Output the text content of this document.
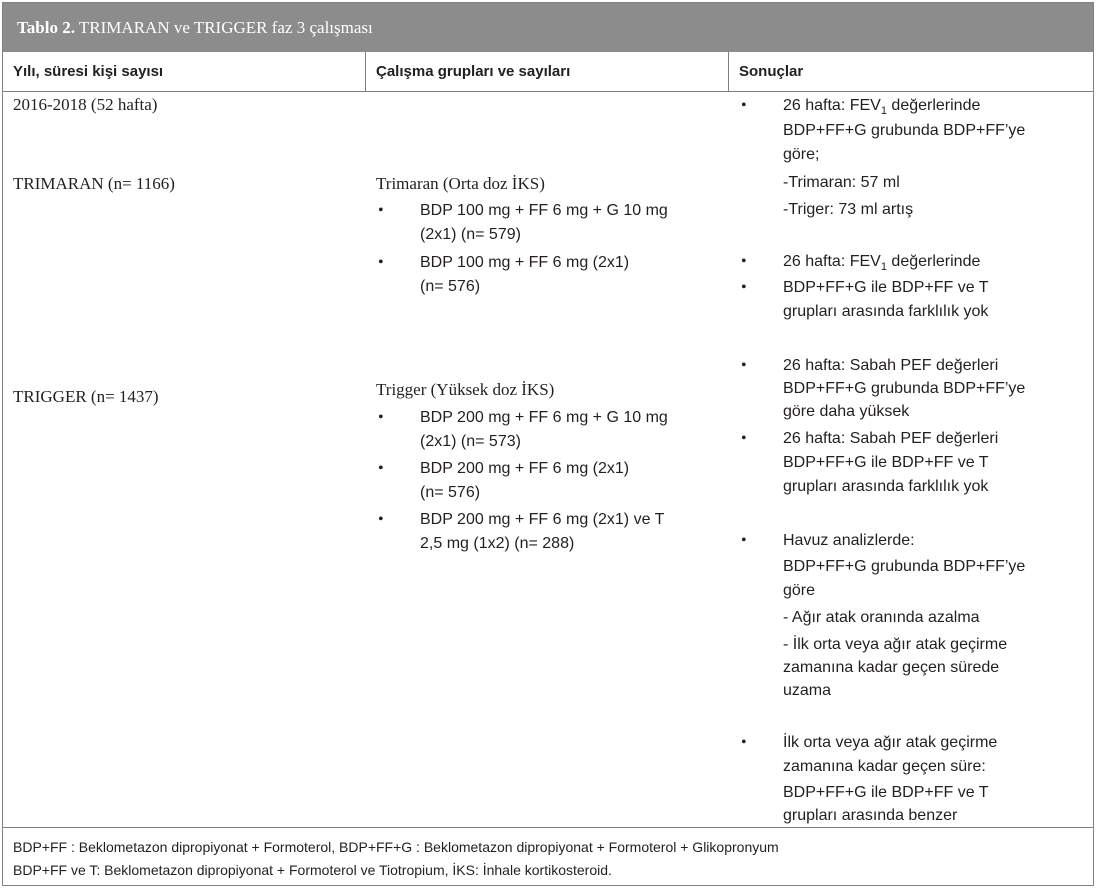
Tablo 2. TRIMARAN ve TRIGGER faz 3 çalışması
Yılı, süresi kişi sayısı	Çalışma grupları ve sayıları	Sonuçlar
2016-2018 (52 hafta)
TRIMARAN (n= 1166)
TRIGGER (n= 1437)
Trimaran (Orta doz İKS)
• BDP 100 mg + FF 6 mg + G 10 mg
(2x1) (n= 579)
• BDP 100 mg + FF 6 mg (2x1)
(n= 576)
Trigger (Yüksek doz İKS)
• BDP 200 mg + FF 6 mg + G 10 mg
(2x1) (n= 573)
• BDP 200 mg + FF 6 mg (2x1)
(n= 576)
• BDP 200 mg + FF 6 mg (2x1) ve T
2,5 mg (1x2) (n= 288)
• 26 hafta: $FEV_1$ değerlerinde
BDP+FF+G grubunda BDP+FF’ye
göre;
-Trimaran: 57 ml
-Triger: 73 ml artış
• 26 hafta: $FEV_1$ değerlerinde
• BDP+FF+G ile BDP+FF ve T
grupları arasında farklılık yok
• 26 hafta: Sabah PEF değerleri
BDP+FF+G grubunda BDP+FF’ye
göre daha yüksek
• 26 hafta: Sabah PEF değerleri
BDP+FF+G ile BDP+FF ve T
grupları arasında farklılık yok
• Havuz analizlerde:
BDP+FF+G grubunda BDP+FF’ye
göre
- Ağır atak oranında azalma
- İlk orta veya ağır atak geçirme
zamanına kadar geçen sürede
uzama
• İlk orta veya ağır atak geçirme
zamanına kadar geçen süre:
BDP+FF+G ile BDP+FF ve T
grupları arasında benzer
BDP+FF : Beklometazon dipropiyonat + Formoterol, BDP+FF+G : Beklometazon dipropiyonat + Formoterol + Glikopronyum
BDP+FF ve T: Beklometazon dipropiyonat + Formoterol ve Tiotropium, İKS: İnhale kortikosteroid.
